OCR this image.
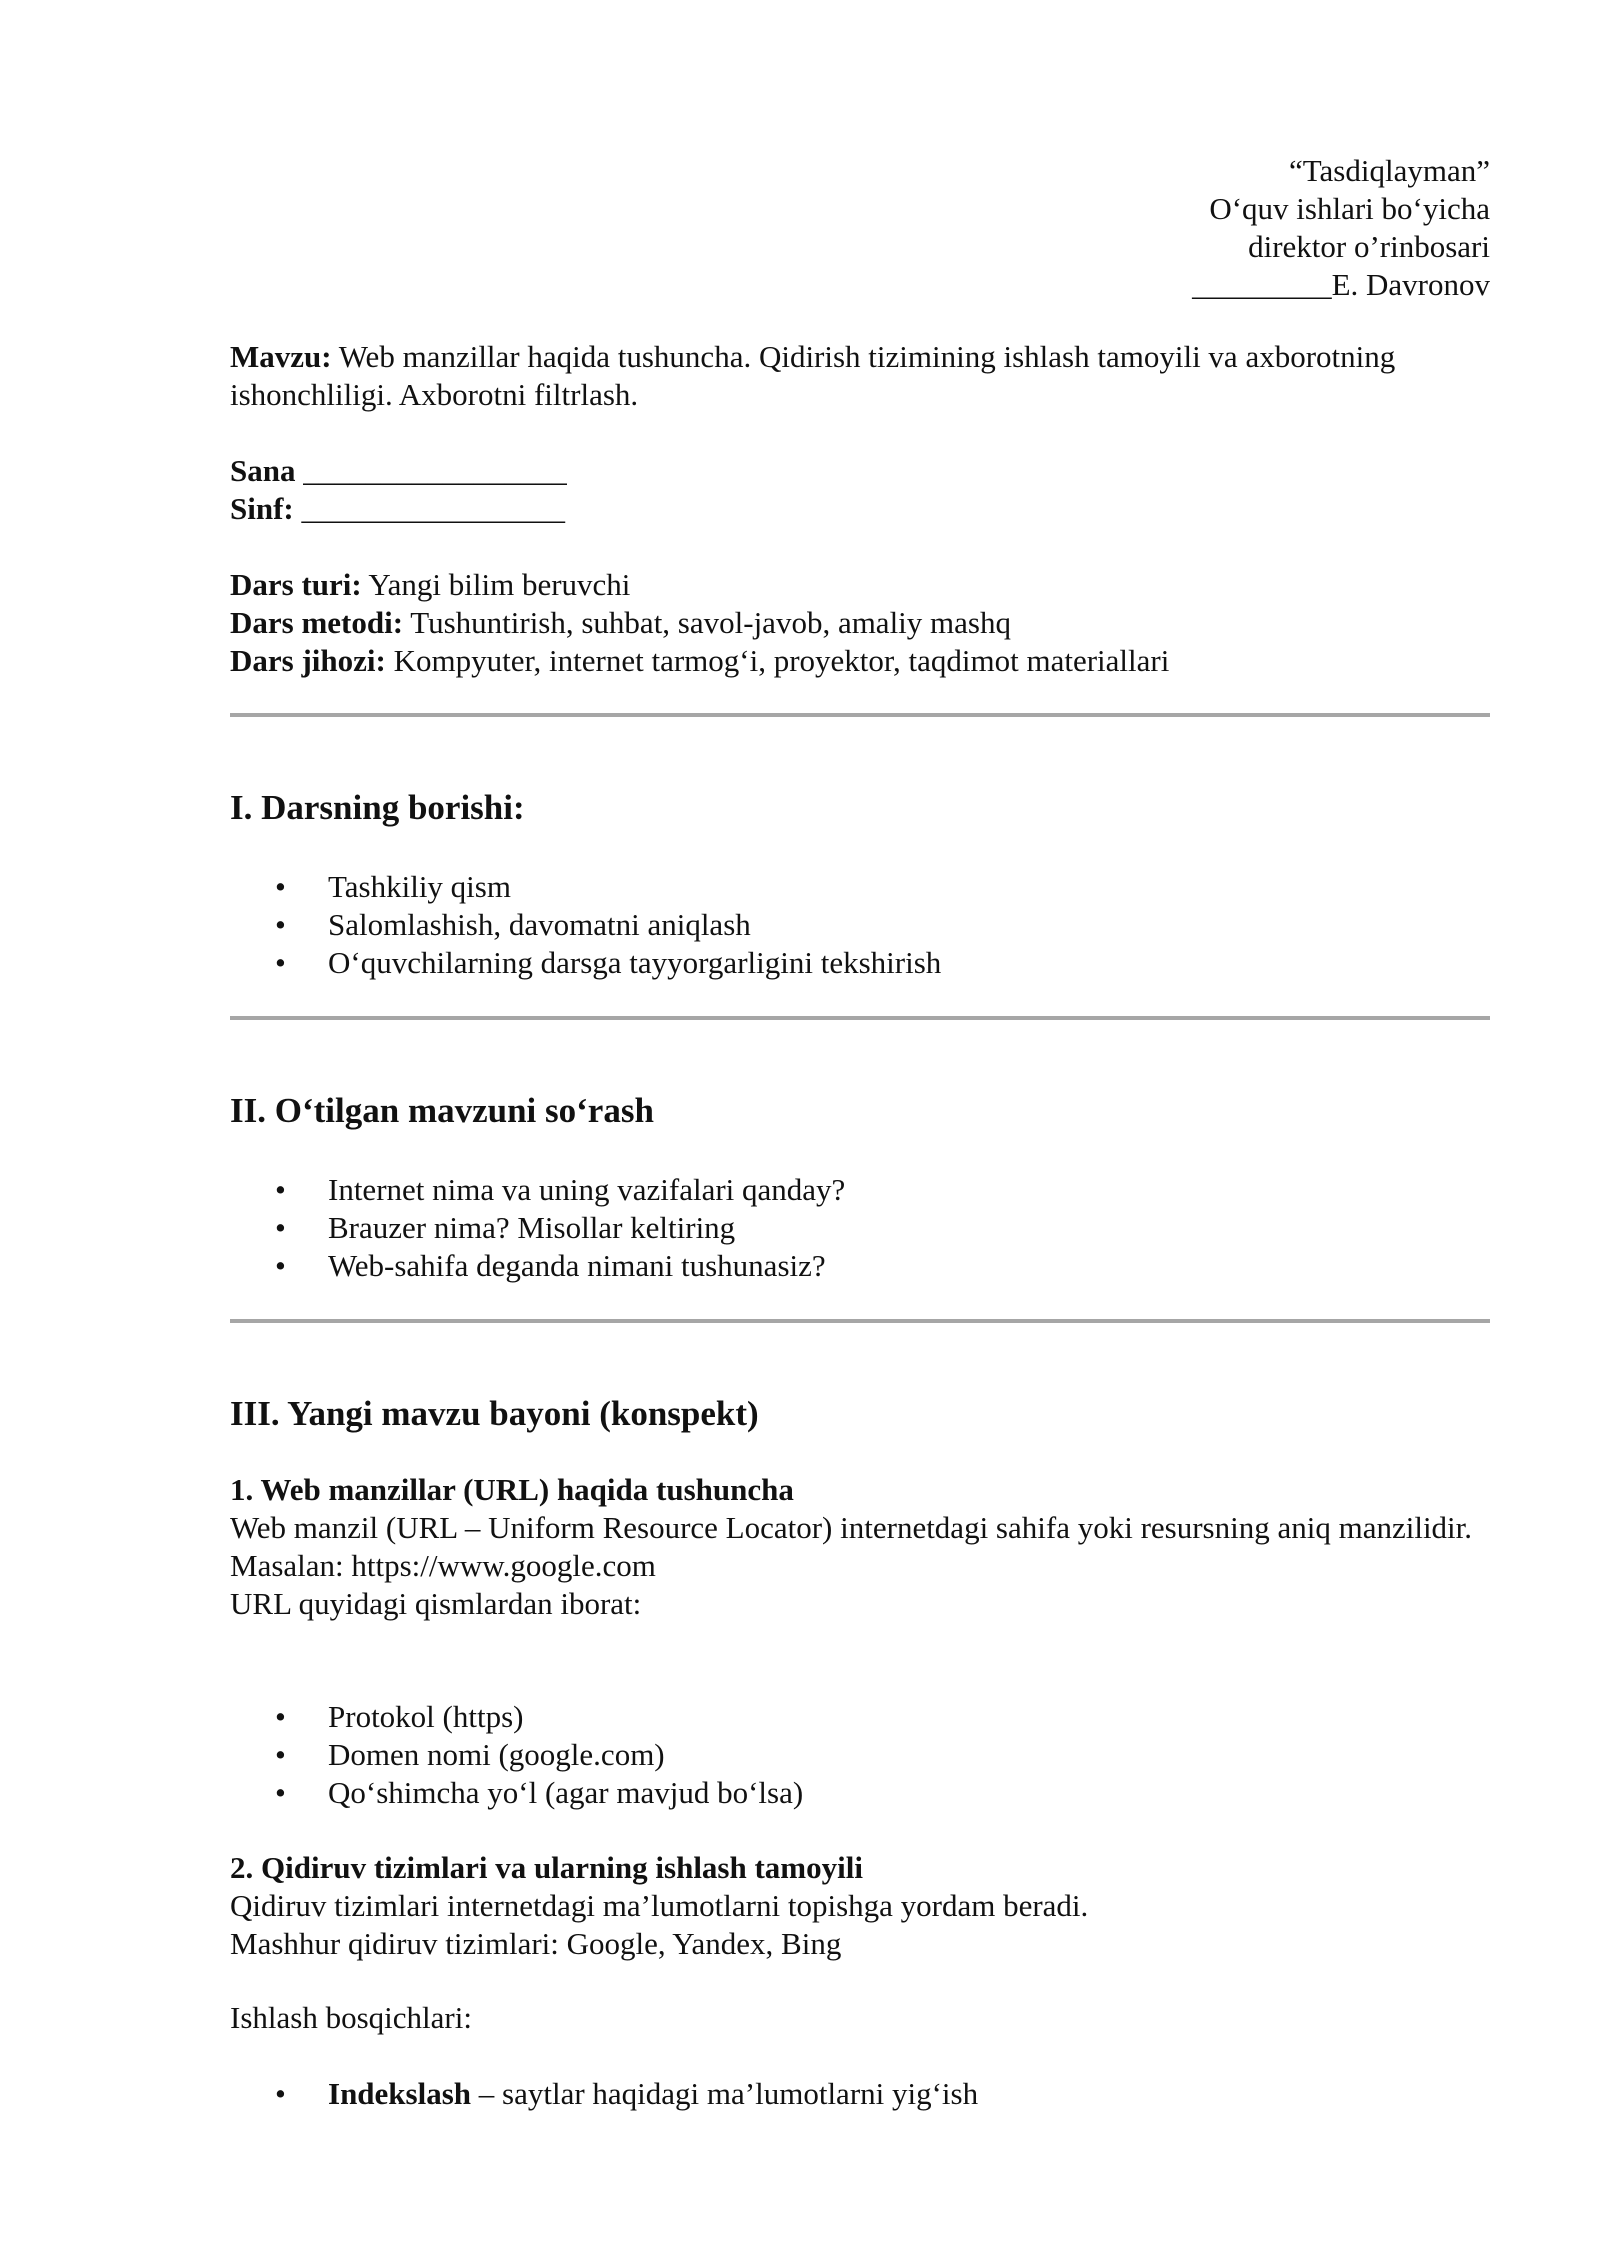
“Tasdiqlayman”
O‘quv ishlari bo‘yicha
direktor o’rinbosari
_________E. Davronov
Mavzu: Web manzillar haqida tushuncha. Qidirish tizimining ishlash tamoyili va axborotning ishonchliligi. Axborotni filtrlash.
Sana _________________
Sinf: _________________
Dars turi: Yangi bilim beruvchi
Dars metodi: Tushuntirish, suhbat, savol-javob, amaliy mashq
Dars jihozi: Kompyuter, internet tarmog‘i, proyektor, taqdimot materiallari
I. Darsning borishi:
• Tashkiliy qism
• Salomlashish, davomatni aniqlash
• O‘quvchilarning darsga tayyorgarligini tekshirish
II. O‘tilgan mavzuni so‘rash
• Internet nima va uning vazifalari qanday?
• Brauzer nima? Misollar keltiring
• Web-sahifa deganda nimani tushunasiz?
III. Yangi mavzu bayoni (konspekt)

1. Web manzillar (URL) haqida tushuncha

Web manzil (URL – Uniform Resource Locator) internetdagi sahifa yoki resursning aniq manzilidir.

Masalan: https://www.google.com

URL quyidagi qismlardan iborat:

• Protokol (https)
• Domen nomi (google.com)
• Qo‘shimcha yo‘l (agar mavjud bo‘lsa)

2. Qidiruv tizimlari va ularning ishlash tamoyili

Qidiruv tizimlari internetdagi ma’lumotlarni topishga yordam beradi.

Mashhur qidiruv tizimlari: Google, Yandex, Bing

Ishlash bosqichlari:
• Indekslash – saytlar haqidagi ma’lumotlarni yig‘ish
